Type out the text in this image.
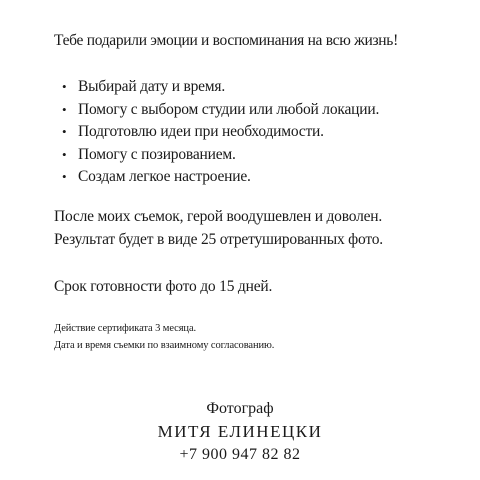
Тебе подарили эмоции и воспоминания на всю жизнь!
• Выбирай дату и время.
• Помогу с выбором студии или любой локации.
• Подготовлю идеи при необходимости.
• Помогу с позированием.
• Создам легкое настроение.
После моих съемок, герой воодушевлен и доволен.
Результат будет в виде 25 отретушированных фото.
Срок готовности фото до 15 дней.
Действие сертификата 3 месяца.
Дата и время съемки по взаимному согласованию.
Фотограф
МИТЯ ЕЛИНЕЦКИ
+7 900 947 82 82
